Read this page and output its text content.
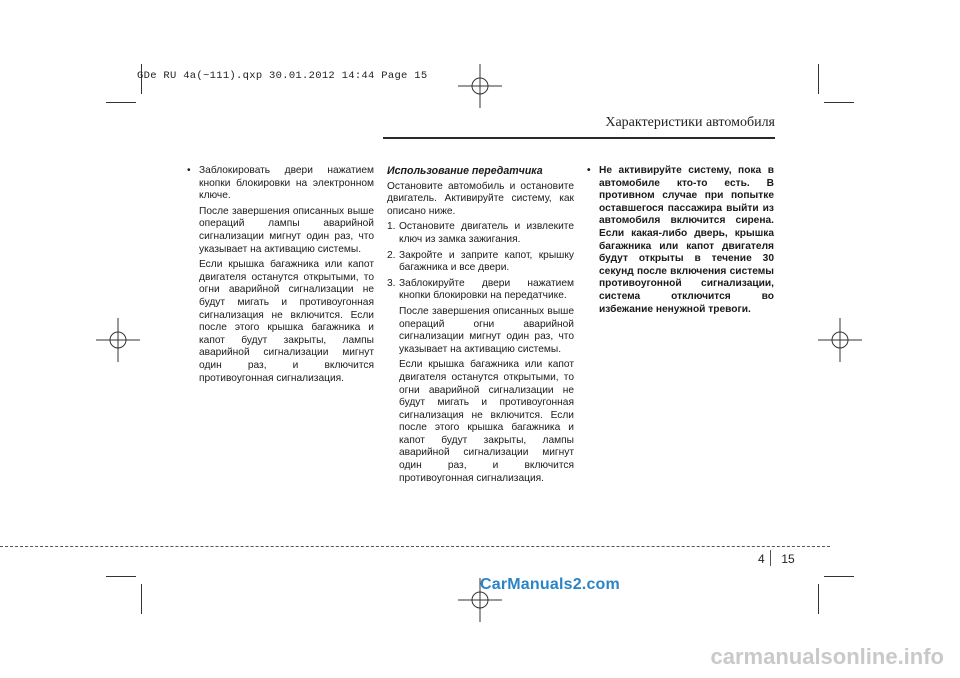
GDe RU 4a(~111).qxp 30.01.2012 14:44 Page 15
Характеристики автомобиля

• Заблокировать двери нажатием кнопки блокировки на электронном ключе.

После завершения описанных выше операций лампы аварийной сигнализации мигнут один раз, что указывает на активацию системы.

Если крышка багажника или капот двигателя останутся открытыми, то огни аварийной сигнализации не будут мигать и противоугонная сигнализация не включится. Если после этого крышка багажника и капот будут закрыты, лампы аварийной сигнализации мигнут один раз, и включится противоугонная сигнализация.

Использование передатчика

Остановите автомобиль и остановите двигатель. Активируйте систему, как описано ниже.

1. Остановите двигатель и извлеките ключ из замка зажигания.

2. Закройте и заприте капот, крышку багажника и все двери.

3. Заблокируйте двери нажатием кнопки блокировки на передатчике.

После завершения описанных выше операций огни аварийной сигнализации мигнут один раз, что указывает на активацию системы.

Если крышка багажника или капот двигателя останутся открытыми, то огни аварийной сигнализации не будут мигать и противоугонная сигнализация не включится. Если после этого крышка багажника и капот будут закрыты, лампы аварийной сигнализации мигнут один раз, и включится противоугонная сигнализация.

• Не активируйте систему, пока в автомобиле кто-то есть. В противном случае при попытке оставшегося пассажира выйти из автомобиля включится сирена. Если какая-либо дверь, крышка багажника или капот двигателя будут открыты в течение 30 секунд после включения системы противоугонной сигнализации, система отключится во избежание ненужной тревоги.

4 15
CarManuals2.com
carmanualsonline.info
